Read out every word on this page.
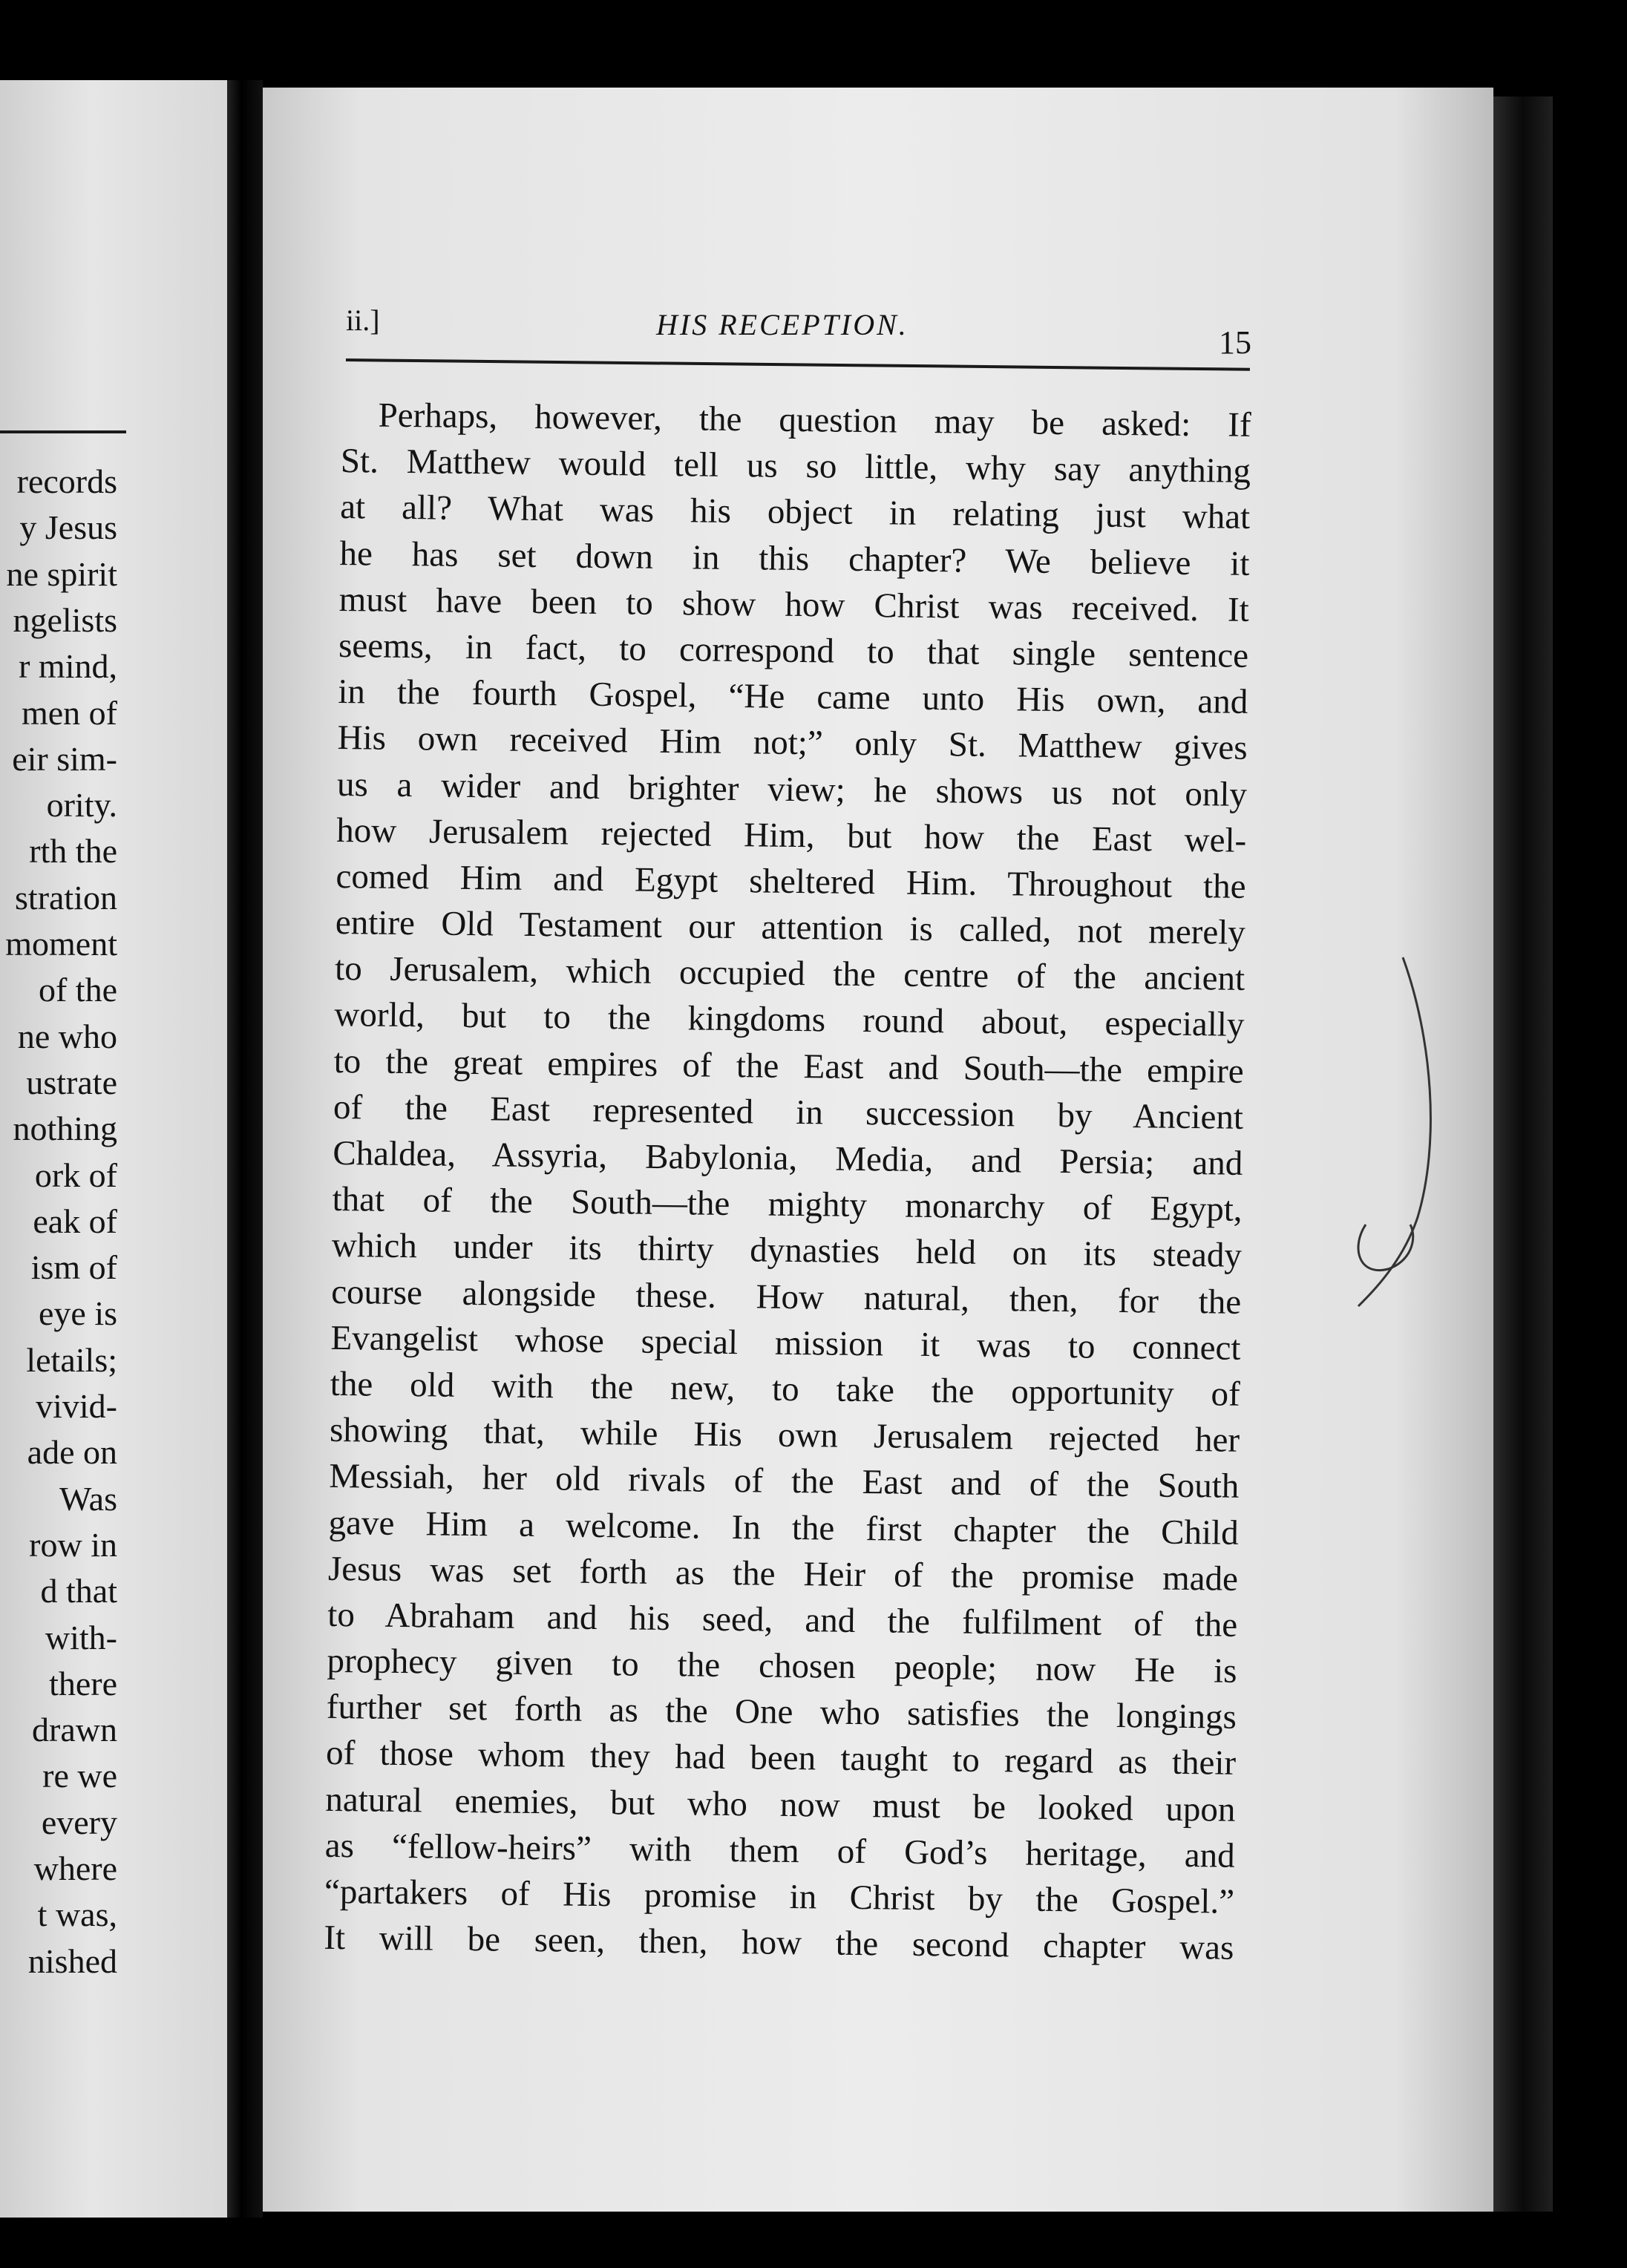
records
y Jesus
ne spirit
ngelists
r mind,
men of
eir sim-
ority.
rth the
stration
moment
of the
ne who
ustrate
nothing
ork of
eak of
ism of
eye is
letails;
vivid-
ade on
Was
row in
d that
with-
there
drawn
re we
every
where
t was,
nished
ii.]	HIS RECEPTION.	15
Perhaps, however, the question may be asked: If
St. Matthew would tell us so little, why say anything
at all? What was his object in relating just what
he has set down in this chapter? We believe it
must have been to show how Christ was received. It
seems, in fact, to correspond to that single sentence
in the fourth Gospel, “He came unto His own, and
His own received Him not;” only St. Matthew gives
us a wider and brighter view; he shows us not only
how Jerusalem rejected Him, but how the East wel-
comed Him and Egypt sheltered Him. Throughout the
entire Old Testament our attention is called, not merely
to Jerusalem, which occupied the centre of the ancient
world, but to the kingdoms round about, especially
to the great empires of the East and South—the empire
of the East represented in succession by Ancient
Chaldea, Assyria, Babylonia, Media, and Persia; and
that of the South—the mighty monarchy of Egypt,
which under its thirty dynasties held on its steady
course alongside these. How natural, then, for the
Evangelist whose special mission it was to connect
the old with the new, to take the opportunity of
showing that, while His own Jerusalem rejected her
Messiah, her old rivals of the East and of the South
gave Him a welcome. In the first chapter the Child
Jesus was set forth as the Heir of the promise made
to Abraham and his seed, and the fulfilment of the
prophecy given to the chosen people; now He is
further set forth as the One who satisfies the longings
of those whom they had been taught to regard as their
natural enemies, but who now must be looked upon
as “fellow-heirs” with them of God’s heritage, and
“partakers of His promise in Christ by the Gospel.”
It will be seen, then, how the second chapter was
